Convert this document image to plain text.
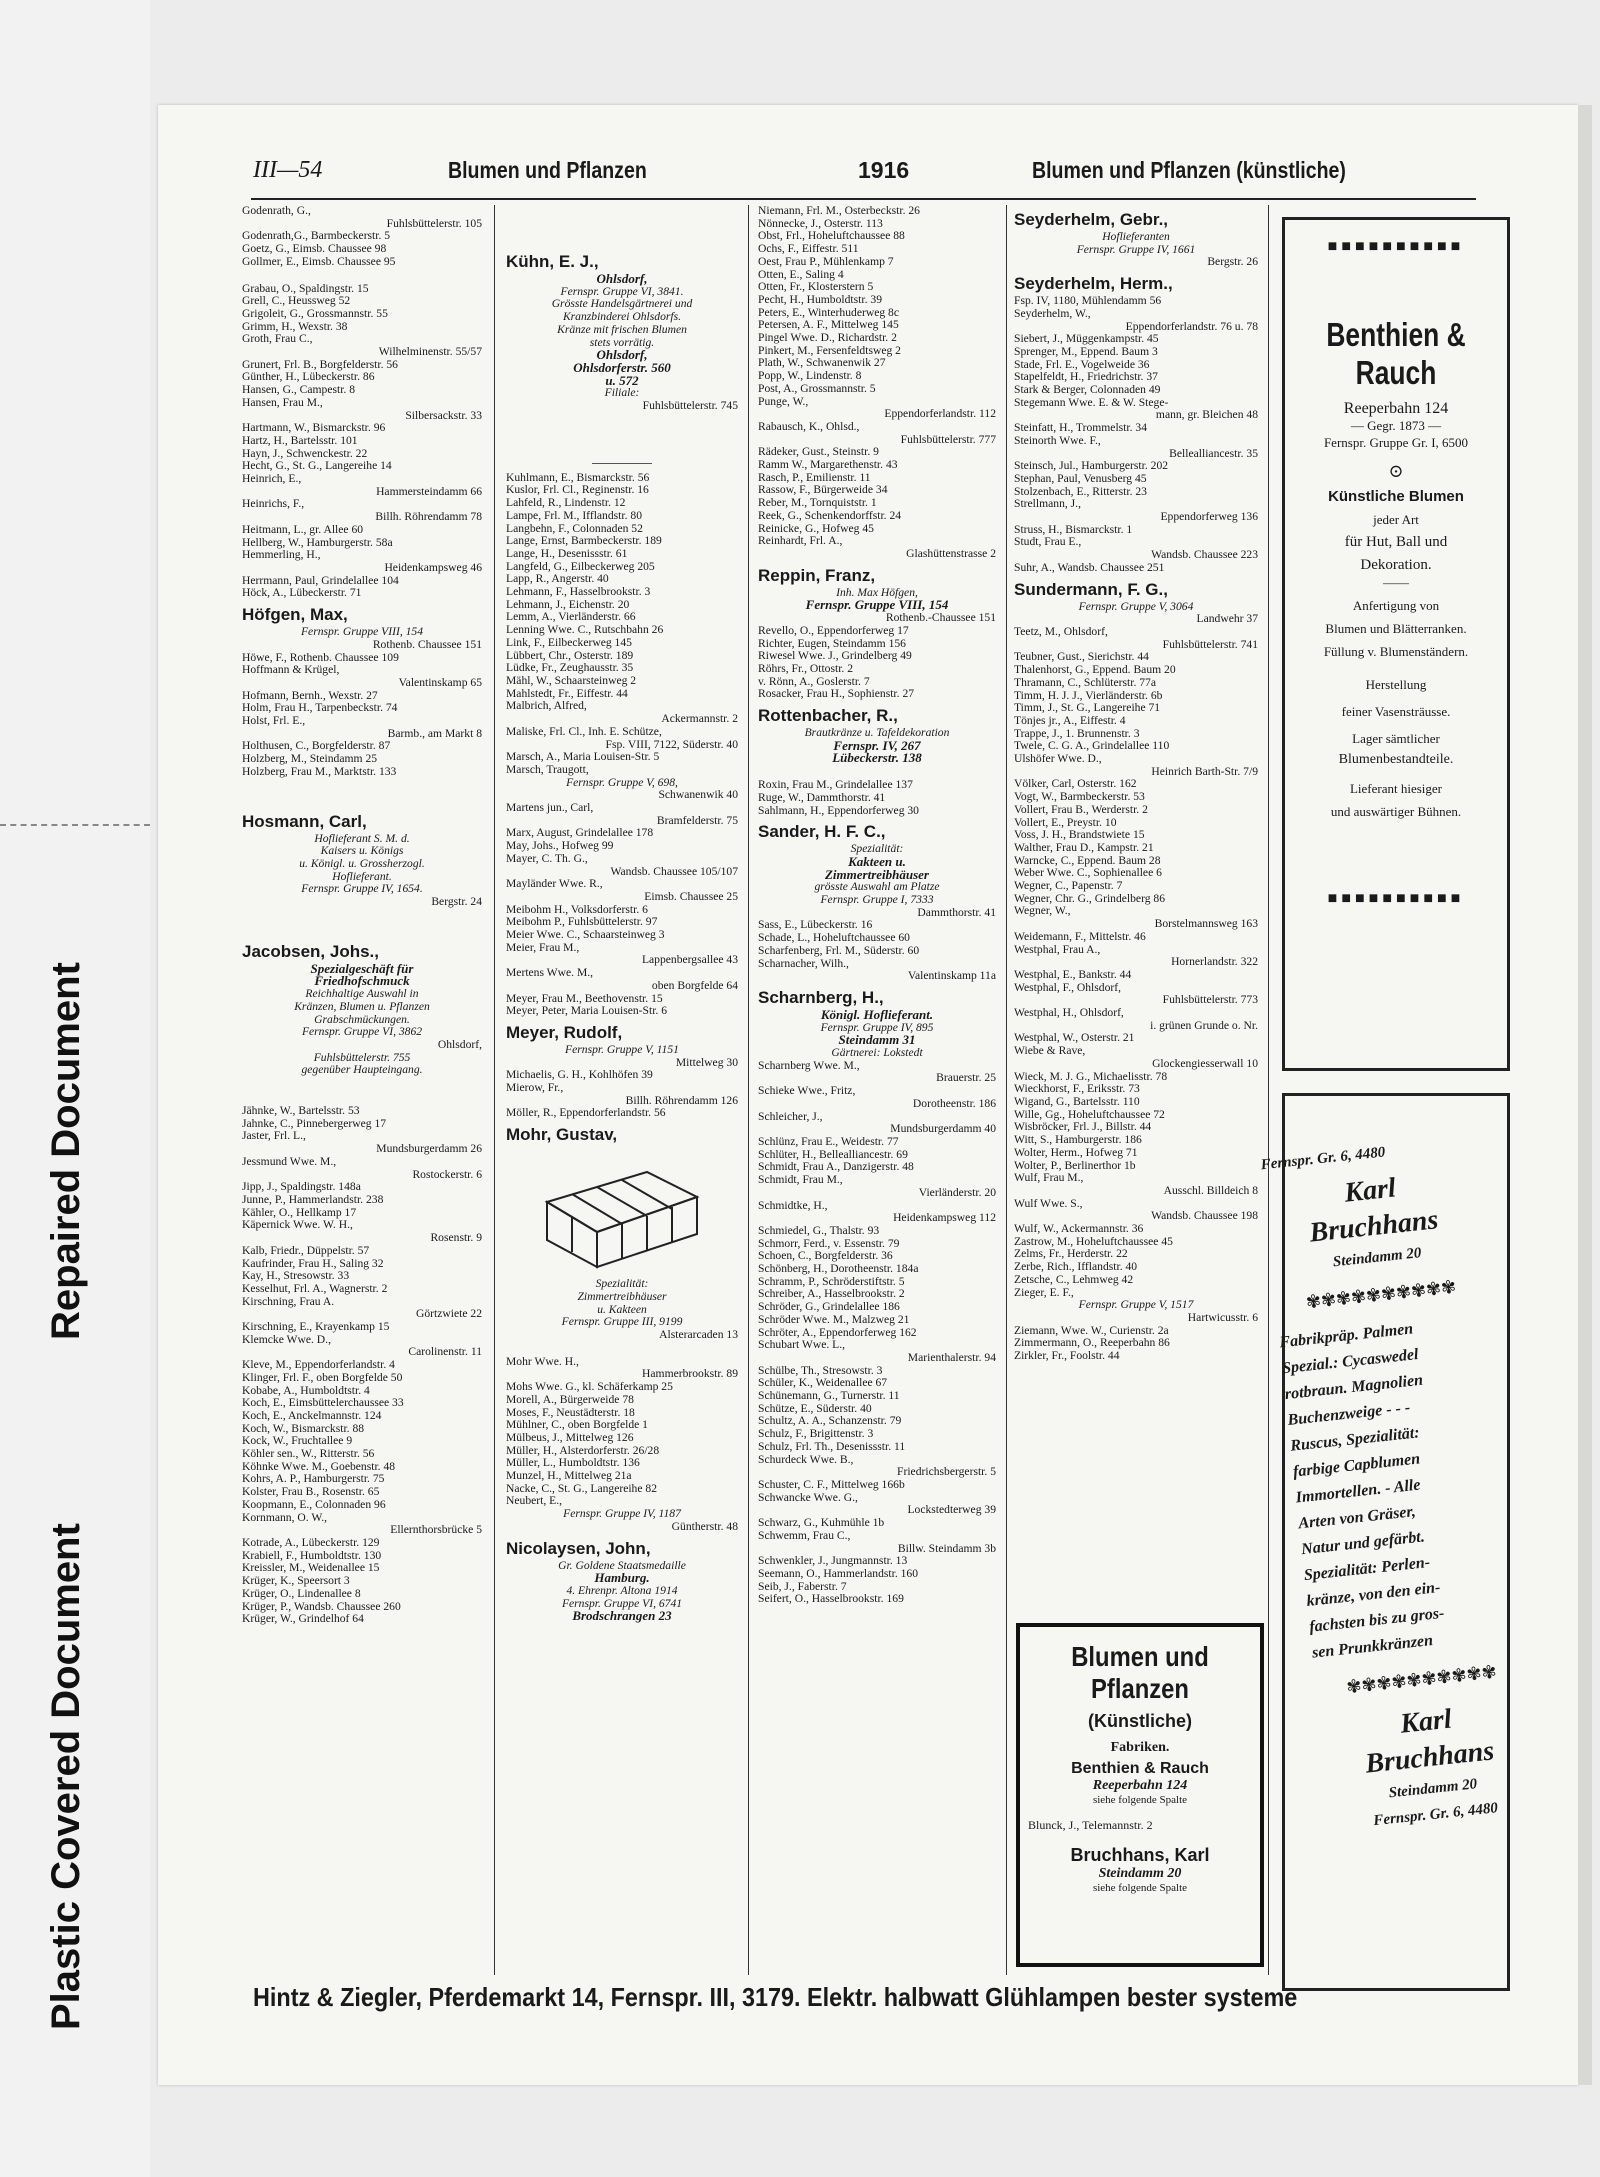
Repaired Document
Plastic Covered Document
III—54	Blumen und Pflanzen	1916	Blumen und Pflanzen (künstliche)
Godenrath, G.,
Fuhlsbüttelerstr. 105
Godenrath,G., Barmbeckerstr. 5
Goetz, G., Eimsb. Chaussee 98
Gollmer, E., Eimsb. Chaussee 95
Grabau, O., Spaldingstr. 15
Grell, C., Heussweg 52
Grigoleit, G., Grossmannstr. 55
Grimm, H., Wexstr. 38
Groth, Frau C.,
Wilhelminenstr. 55/57
Grunert, Frl. B., Borgfelderstr. 56
Günther, H., Lübeckerstr. 86
Hansen, G., Campestr. 8
Hansen, Frau M.,
Silbersackstr. 33
Hartmann, W., Bismarckstr. 96
Hartz, H., Bartelsstr. 101
Hayn, J., Schwenckestr. 22
Hecht, G., St. G., Langereihe 14
Heinrich, E.,
Hammersteindamm 66
Heinrichs, F.,
Billh. Röhrendamm 78
Heitmann, L., gr. Allee 60
Hellberg, W., Hamburgerstr. 58a
Hemmerling, H.,
Heidenkampsweg 46
Herrmann, Paul, Grindelallee 104
Höck, A., Lübeckerstr. 71
Höfgen, Max,
Fernspr. Gruppe VIII, 154
Rothenb. Chaussee 151
Höwe, F., Rothenb. Chaussee 109
Hoffmann & Krügel,
Valentinskamp 65
Hofmann, Bernh., Wexstr. 27
Holm, Frau H., Tarpenbeckstr. 74
Holst, Frl. E.,
Barmb., am Markt 8
Holthusen, C., Borgfelderstr. 87
Holzberg, M., Steindamm 25
Holzberg, Frau M., Marktstr. 133
Hosmann, Carl,
Hoflieferant S. M. d.
Kaisers u. Königs
u. Königl. u. Grossherzogl.
Hoflieferant.
Fernspr. Gruppe IV, 1654.
Bergstr. 24
Jacobsen, Johs.,
Spezialgeschäft für
Friedhofschmuck
Reichhaltige Auswahl in
Kränzen, Blumen u. Pflanzen
Grabschmückungen.
Fernspr. Gruppe VI, 3862
Ohlsdorf,
Fuhlsbüttelerstr. 755
gegenüber Haupteingang.
Jähnke, W., Bartelsstr. 53
Jahnke, C., Pinnebergerweg 17
Jaster, Frl. L.,
Mundsburgerdamm 26
Jessmund Wwe. M.,
Rostockerstr. 6
Jipp, J., Spaldingstr. 148a
Junne, P., Hammerlandstr. 238
Kähler, O., Hellkamp 17
Käpernick Wwe. W. H.,
Rosenstr. 9
Kalb, Friedr., Düppelstr. 57
Kaufrinder, Frau H., Saling 32
Kay, H., Stresowstr. 33
Kesselhut, Frl. A., Wagnerstr. 2
Kirschning, Frau A.
Görtzwiete 22
Kirschning, E., Krayenkamp 15
Klemcke Wwe. D.,
Carolinenstr. 11
Kleve, M., Eppendorferlandstr. 4
Klinger, Frl. F., oben Borgfelde 50
Kobabe, A., Humboldtstr. 4
Koch, E., Eimsbüttelerchaussee 33
Koch, E., Anckelmannstr. 124
Koch, W., Bismarckstr. 88
Kock, W., Fruchtallee 9
Köhler sen., W., Ritterstr. 56
Köhnke Wwe. M., Goebenstr. 48
Kohrs, A. P., Hamburgerstr. 75
Kolster, Frau B., Rosenstr. 65
Koopmann, E., Colonnaden 96
Kornmann, O. W.,
Ellernthorsbrücke 5
Kotrade, A., Lübeckerstr. 129
Krabiell, F., Humboldtstr. 130
Kreissler, M., Weidenallee 15
Krüger, K., Speersort 3
Krüger, O., Lindenallee 8
Krüger, P., Wandsb. Chaussee 260
Krüger, W., Grindelhof 64
Kühn, E. J.,
Ohlsdorf,
Fernspr. Gruppe VI, 3841.
Grösste Handelsgärtnerei und
Kranzbinderei Ohlsdorfs.
Kränze mit frischen Blumen
stets vorrätig.
Ohlsdorf,
Ohlsdorferstr. 560
u. 572
Filiale:
Fuhlsbüttelerstr. 745
Kuhlmann, E., Bismarckstr. 56
Kuslor, Frl. Cl., Reginenstr. 16
Lahfeld, R., Lindenstr. 12
Lampe, Frl. M., Ifflandstr. 80
Langbehn, F., Colonnaden 52
Lange, Ernst, Barmbeckerstr. 189
Lange, H., Desenissstr. 61
Langfeld, G., Eilbeckerweg 205
Lapp, R., Angerstr. 40
Lehmann, F., Hasselbrookstr. 3
Lehmann, J., Eichenstr. 20
Lemm, A., Vierländerstr. 66
Lenning Wwe. C., Rutschbahn 26
Link, F., Eilbeckerweg 145
Lübbert, Chr., Osterstr. 189
Lüdke, Fr., Zeughausstr. 35
Mähl, W., Schaarsteinweg 2
Mahlstedt, Fr., Eiffestr. 44
Malbrich, Alfred,
Ackermannstr. 2
Maliske, Frl. Cl., Inh. E. Schütze,
Fsp. VIII, 7122, Süderstr. 40
Marsch, A., Maria Louisen-Str. 5
Marsch, Traugott,
Fernspr. Gruppe V, 698,
Schwanenwik 40
Martens jun., Carl,
Bramfelderstr. 75
Marx, August, Grindelallee 178
May, Johs., Hofweg 99
Mayer, C. Th. G.,
Wandsb. Chaussee 105/107
Mayländer Wwe. R.,
Eimsb. Chaussee 25
Meibohm H., Volksdorferstr. 6
Meibohm P., Fuhlsbüttelerstr. 97
Meier Wwe. C., Schaarsteinweg 3
Meier, Frau M.,
Lappenbergsallee 43
Mertens Wwe. M.,
oben Borgfelde 64
Meyer, Frau M., Beethovenstr. 15
Meyer, Peter, Maria Louisen-Str. 6
Meyer, Rudolf,
Fernspr. Gruppe V, 1151
Mittelweg 30
Michaelis, G. H., Kohlhöfen 39
Mierow, Fr.,
Billh. Röhrendamm 126
Möller, R., Eppendorferlandstr. 56
Mohr, Gustav,
Spezialität:
Zimmertreibhäuser
u. Kakteen
Fernspr. Gruppe III, 9199
Alsterarcaden 13
Mohr Wwe. H.,
Hammerbrookstr. 89
Mohs Wwe. G., kl. Schäferkamp 25
Morell, A., Bürgerweide 78
Moses, F., Neustädterstr. 18
Mühlner, C., oben Borgfelde 1
Mülbeus, J., Mittelweg 126
Müller, H., Alsterdorferstr. 26/28
Müller, L., Humboldtstr. 136
Munzel, H., Mittelweg 21a
Nacke, C., St. G., Langereihe 82
Neubert, E.,
Fernspr. Gruppe IV, 1187
Güntherstr. 48
Nicolaysen, John,
Gr. Goldene Staatsmedaille
Hamburg.
4. Ehrenpr. Altona 1914
Fernspr. Gruppe VI, 6741
Brodschrangen 23
Niemann, Frl. M., Osterbeckstr. 26
Nönnecke, J., Osterstr. 113
Obst, Frl., Hoheluftchaussee 88
Ochs, F., Eiffestr. 511
Oest, Frau P., Mühlenkamp 7
Otten, E., Saling 4
Otten, Fr., Klosterstern 5
Pecht, H., Humboldtstr. 39
Peters, E., Winterhuderweg 8c
Petersen, A. F., Mittelweg 145
Pingel Wwe. D., Richardstr. 2
Pinkert, M., Fersenfeldtsweg 2
Plath, W., Schwanenwik 27
Popp, W., Lindenstr. 8
Post, A., Grossmannstr. 5
Punge, W.,
Eppendorferlandstr. 112
Rabausch, K., Ohlsd.,
Fuhlsbüttelerstr. 777
Rädeker, Gust., Steinstr. 9
Ramm W., Margarethenstr. 43
Rasch, P., Emilienstr. 11
Rassow, F., Bürgerweide 34
Reber, M., Tornquiststr. 1
Reek, G., Schenkendorffstr. 24
Reinicke, G., Hofweg 45
Reinhardt, Frl. A.,
Glashüttenstrasse 2
Reppin, Franz,
Inh. Max Höfgen,
Fernspr. Gruppe VIII, 154
Rothenb.-Chaussee 151
Revello, O., Eppendorferweg 17
Richter, Eugen, Steindamm 156
Riwesel Wwe. J., Grindelberg 49
Röhrs, Fr., Ottostr. 2
v. Rönn, A., Goslerstr. 7
Rosacker, Frau H., Sophienstr. 27
Rottenbacher, R.,
Brautkränze u. Tafeldekoration
Fernspr. IV, 267
Lübeckerstr. 138
Roxin, Frau M., Grindelallee 137
Ruge, W., Dammthorstr. 41
Sahlmann, H., Eppendorferweg 30
Sander, H. F. C.,
Spezialität:
Kakteen u.
Zimmertreibhäuser
grösste Auswahl am Platze
Fernspr. Gruppe I, 7333
Dammthorstr. 41
Sass, E., Lübeckerstr. 16
Schade, L., Hoheluftchaussee 60
Scharfenberg, Frl. M., Süderstr. 60
Scharnacher, Wilh.,
Valentinskamp 11a
Scharnberg, H.,
Königl. Hoflieferant.
Fernspr. Gruppe IV, 895
Steindamm 31
Gärtnerei: Lokstedt
Scharnberg Wwe. M.,
Brauerstr. 25
Schieke Wwe., Fritz,
Dorotheenstr. 186
Schleicher, J.,
Mundsburgerdamm 40
Schlünz, Frau E., Weidestr. 77
Schlüter, H., Bellealliancestr. 69
Schmidt, Frau A., Danzigerstr. 48
Schmidt, Frau M.,
Vierländerstr. 20
Schmidtke, H.,
Heidenkampsweg 112
Schmiedel, G., Thalstr. 93
Schmorr, Ferd., v. Essenstr. 79
Schoen, C., Borgfelderstr. 36
Schönberg, H., Dorotheenstr. 184a
Schramm, P., Schröderstiftstr. 5
Schreiber, A., Hasselbrookstr. 2
Schröder, G., Grindelallee 186
Schröder Wwe. M., Malzweg 21
Schröter, A., Eppendorferweg 162
Schubart Wwe. L.,
Marienthalerstr. 94
Schülbe, Th., Stresowstr. 3
Schüler, K., Weidenallee 67
Schünemann, G., Turnerstr. 11
Schütze, E., Süderstr. 40
Schultz, A. A., Schanzenstr. 79
Schulz, F., Brigittenstr. 3
Schulz, Frl. Th., Desenissstr. 11
Schurdeck Wwe. B.,
Friedrichsbergerstr. 5
Schuster, C. F., Mittelweg 166b
Schwancke Wwe. G.,
Lockstedterweg 39
Schwarz, G., Kuhmühle 1b
Schwemm, Frau C.,
Billw. Steindamm 3b
Schwenkler, J., Jungmannstr. 13
Seemann, O., Hammerlandstr. 160
Seib, J., Faberstr. 7
Seifert, O., Hasselbrookstr. 169
Seyderhelm, Gebr.,
Hoflieferanten
Fernspr. Gruppe IV, 1661
Bergstr. 26
Seyderhelm, Herm.,
Fsp. IV, 1180, Mühlendamm 56
Seyderhelm, W.,
Eppendorferlandstr. 76 u. 78
Siebert, J., Müggenkampstr. 45
Sprenger, M., Eppend. Baum 3
Stade, Frl. E., Vogelweide 36
Stapelfeldt, H., Friedrichstr. 37
Stark & Berger, Colonnaden 49
Stegemann Wwe. E. & W. Stege-
mann, gr. Bleichen 48
Steinfatt, H., Trommelstr. 34
Steinorth Wwe. F.,
Bellealliancestr. 35
Steinsch, Jul., Hamburgerstr. 202
Stephan, Paul, Venusberg 45
Stolzenbach, E., Ritterstr. 23
Strellmann, J.,
Eppendorferweg 136
Struss, H., Bismarckstr. 1
Studt, Frau E.,
Wandsb. Chaussee 223
Suhr, A., Wandsb. Chaussee 251
Sundermann, F. G.,
Fernspr. Gruppe V, 3064
Landwehr 37
Teetz, M., Ohlsdorf,
Fuhlsbüttelerstr. 741
Teubner, Gust., Sierichstr. 44
Thalenhorst, G., Eppend. Baum 20
Thramann, C., Schlüterstr. 77a
Timm, H. J. J., Vierländerstr. 6b
Timm, J., St. G., Langereihe 71
Tönjes jr., A., Eiffestr. 4
Trappe, J., 1. Brunnenstr. 3
Twele, C. G. A., Grindelallee 110
Ulshöfer Wwe. D.,
Heinrich Barth-Str. 7/9
Völker, Carl, Osterstr. 162
Vogt, W., Barmbeckerstr. 53
Vollert, Frau B., Werderstr. 2
Vollert, E., Preystr. 10
Voss, J. H., Brandstwiete 15
Walther, Frau D., Kampstr. 21
Warncke, C., Eppend. Baum 28
Weber Wwe. C., Sophienallee 6
Wegner, C., Papenstr. 7
Wegner, Chr. G., Grindelberg 86
Wegner, W.,
Borstelmannsweg 163
Weidemann, F., Mittelstr. 46
Westphal, Frau A.,
Hornerlandstr. 322
Westphal, E., Bankstr. 44
Westphal, F., Ohlsdorf,
Fuhlsbüttelerstr. 773
Westphal, H., Ohlsdorf,
i. grünen Grunde o. Nr.
Westphal, W., Osterstr. 21
Wiebe & Rave,
Glockengiesserwall 10
Wieck, M. J. G., Michaelisstr. 78
Wieckhorst, F., Eriksstr. 73
Wigand, G., Bartelsstr. 110
Wille, Gg., Hoheluftchaussee 72
Wisbröcker, Frl. J., Billstr. 44
Witt, S., Hamburgerstr. 186
Wolter, Herm., Hofweg 71
Wolter, P., Berlinerthor 1b
Wulf, Frau M.,
Ausschl. Billdeich 8
Wulf Wwe. S.,
Wandsb. Chaussee 198
Wulf, W., Ackermannstr. 36
Zastrow, M., Hoheluftchaussee 45
Zelms, Fr., Herderstr. 22
Zerbe, Rich., Ifflandstr. 40
Zetsche, C., Lehmweg 42
Zieger, E. F.,
Fernspr. Gruppe V, 1517
Hartwicusstr. 6
Ziemann, Wwe. W., Curienstr. 2a
Zimmermann, O., Reeperbahn 86
Zirkler, Fr., Foolstr. 44
Blumen und Pflanzen
(Künstliche)
Fabriken.
Benthien & Rauch
Reeperbahn 124
siehe folgende Spalte
Blunck, J., Telemannstr. 2
Bruchhans, Karl
Steindamm 20
siehe folgende Spalte
■■■■■■■■■■
Benthien & Rauch
Reeperbahn 124
— Gegr. 1873 —
Fernspr. Gruppe Gr. I, 6500
⊙
Künstliche Blumen
jeder Art
für Hut, Ball und
Dekoration.
——
Anfertigung von
Blumen und Blätterranken.
Füllung v. Blumenständern.
Herstellung
feiner Vasensträusse.
Lager sämtlicher
Blumenbestandteile.
Lieferant hiesiger
und auswärtiger Bühnen.
■■■■■■■■■■
Fernspr. Gr. 6, 4480
Karl
Bruchhans
Steindamm 20
✾✾✾✾✾✾✾✾✾✾
Fabrikpräp. Palmen
Spezial.: Cycaswedel
rotbraun. Magnolien
Buchenzweige - - -
Ruscus, Spezialität:
farbige Capblumen
Immortellen. - Alle
Arten von Gräser,
Natur und gefärbt.
Spezialität: Perlen-
kränze, von den ein-
fachsten bis zu gros-
sen Prunkkränzen
✾✾✾✾✾✾✾✾✾✾
Karl
Bruchhans
Steindamm 20
Fernspr. Gr. 6, 4480
Hintz & Ziegler, Pferdemarkt 14, Fernspr. III, 3179. Elektr. halbwatt Glühlampen bester systeme
